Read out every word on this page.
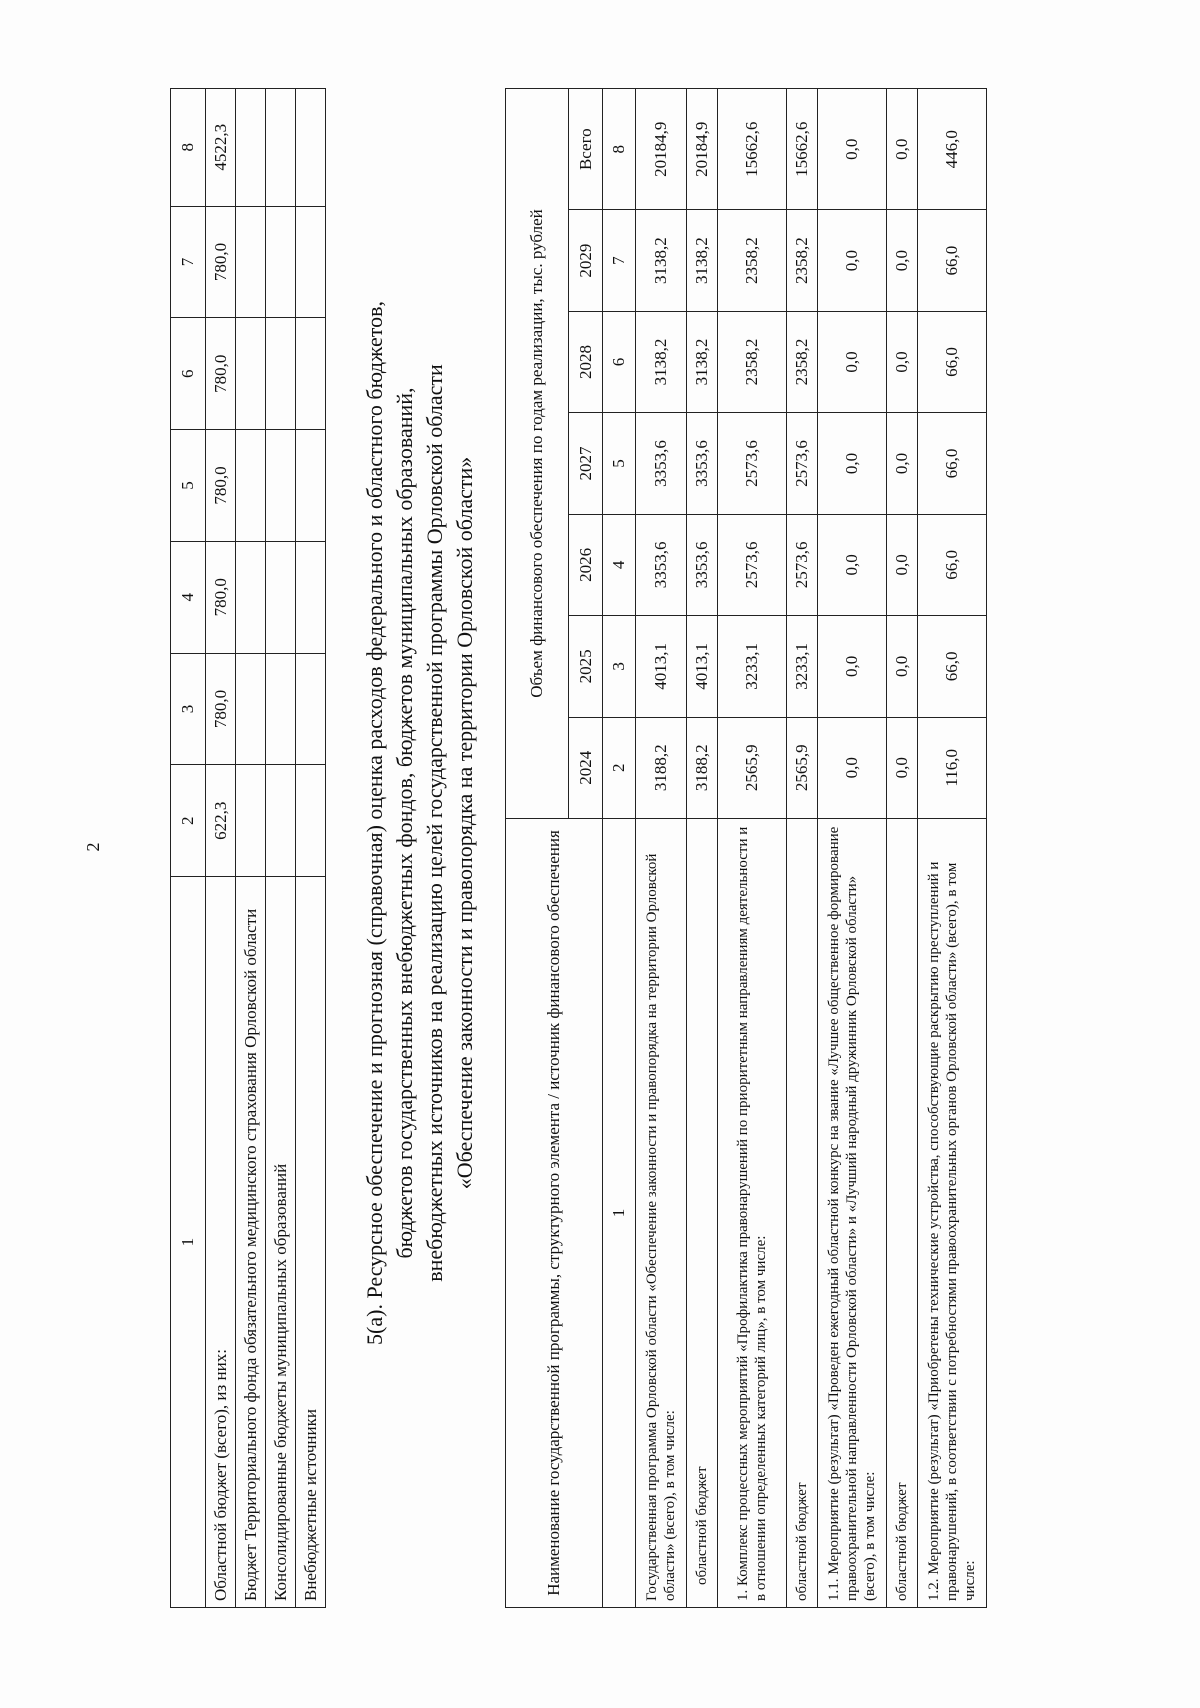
2
1	2	3	4	5	6	7	8
Областной бюджет (всего), из них:	622,3	780,0	780,0	780,0	780,0	780,0	4522,3
Бюджет Территориального фонда обязательного медицинского страхования Орловской области							
Консолидированные бюджеты муниципальных образований							
Внебюджетные источники							
5(а). Ресурсное обеспечение и прогнозная (справочная) оценка расходов федерального и областного бюджетов, бюджетов государственных внебюджетных фондов, бюджетов муниципальных образований, внебюджетных источников на реализацию целей государственной программы Орловской области «Обеспечение законности и правопорядка на территории Орловской области»
Наименование государственной программы, структурного элемента / источник финансового обеспечения	Объем финансового обеспечения по годам реализации, тыс. рублей						
	2024	2025	2026	2027	2028	2029	Всего
1	2	3	4	5	6	7	8
Государственная программа Орловской области «Обеспечение законности и правопорядка на территории Орловской области» (всего), в том числе:	3188,2	4013,1	3353,6	3353,6	3138,2	3138,2	20184,9
областной бюджет	3188,2	4013,1	3353,6	3353,6	3138,2	3138,2	20184,9
1. Комплекс процессных мероприятий «Профилактика правонарушений по приоритетным направлениям деятельности и в отношении определенных категорий лиц», в том числе:	2565,9	3233,1	2573,6	2573,6	2358,2	2358,2	15662,6
областной бюджет	2565,9	3233,1	2573,6	2573,6	2358,2	2358,2	15662,6
1.1. Мероприятие (результат) «Проведен ежегодный областной конкурс на звание «Лучшее общественное формирование правоохранительной направленности Орловской области» и «Лучший народный дружинник Орловской области» (всего), в том числе:	0,0	0,0	0,0	0,0	0,0	0,0	0,0
областной бюджет	0,0	0,0	0,0	0,0	0,0	0,0	0,0
1.2. Мероприятие (результат) «Приобретены технические устройства, способствующие раскрытию преступлений и правонарушений, в соответствии с потребностями правоохранительных органов Орловской области» (всего), в том числе:	116,0	66,0	66,0	66,0	66,0	66,0	446,0
